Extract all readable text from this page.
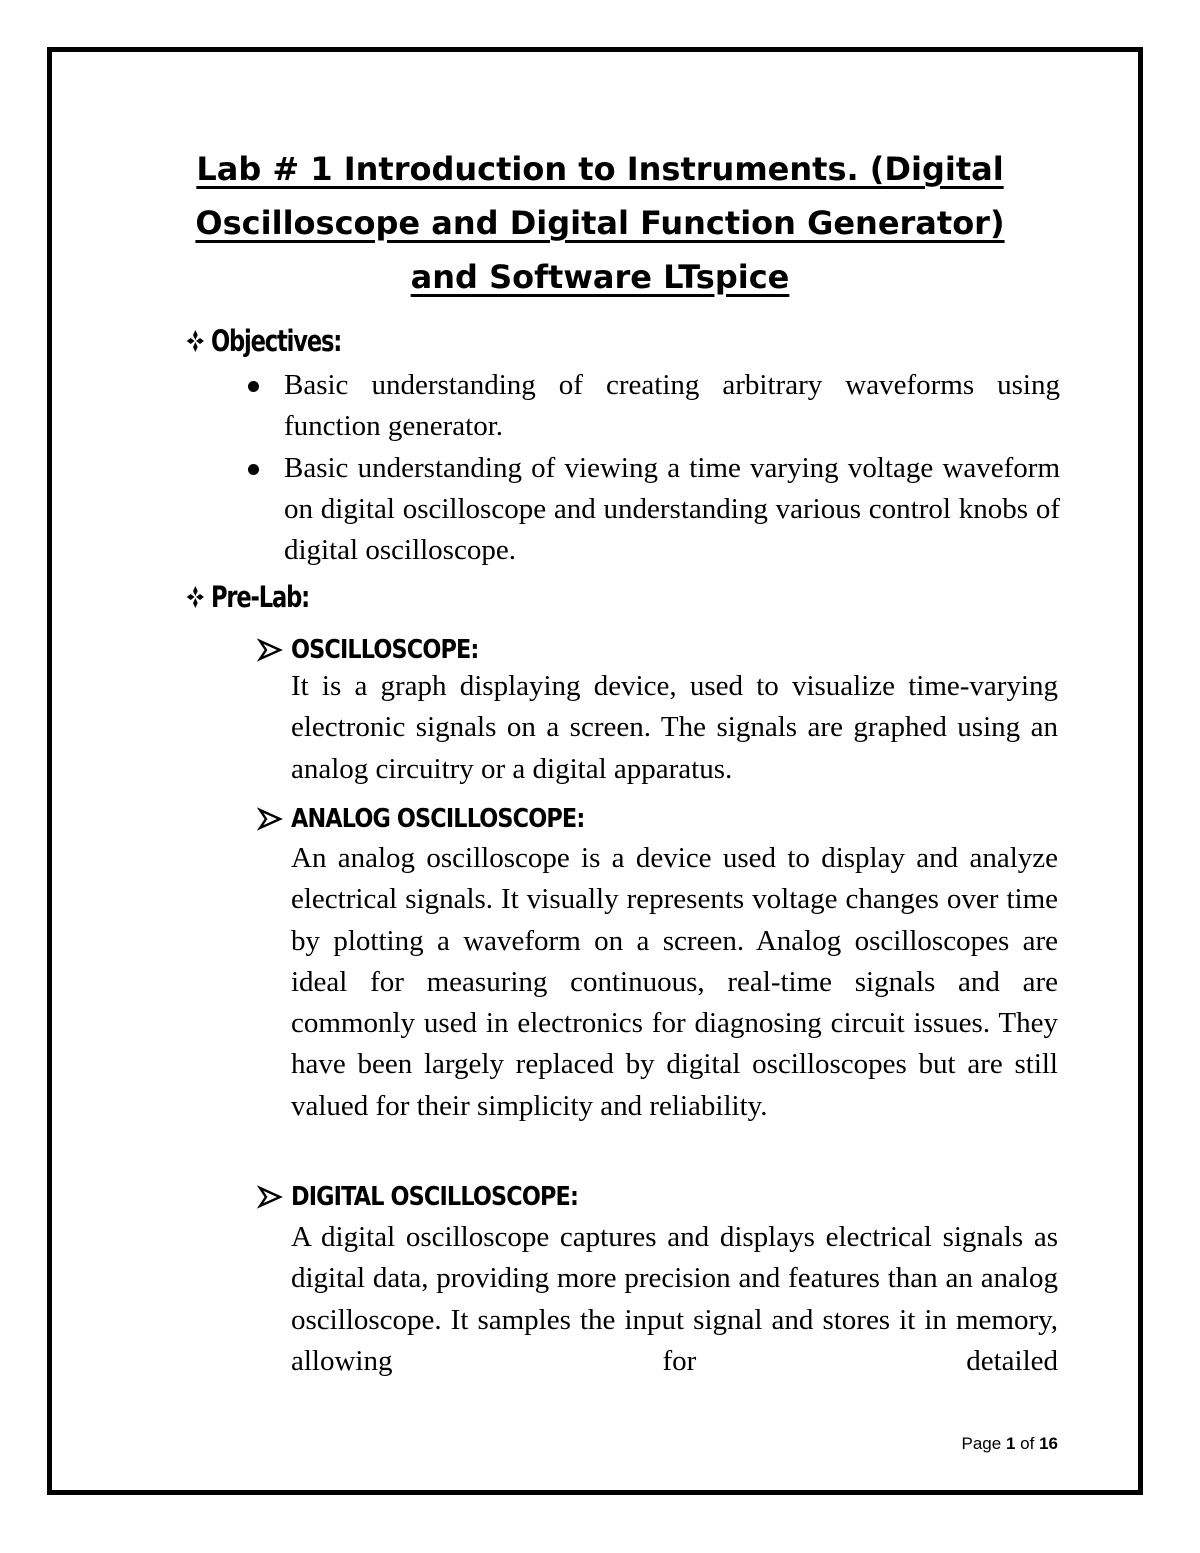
Lab # 1 Introduction to Instruments. (Digital
Oscilloscope and Digital Function Generator)
and Software LTspice
Objectives:
Basic understanding of creating arbitrary waveforms using function generator.
Basic understanding of viewing a time varying voltage waveform on digital oscilloscope and understanding various control knobs of digital oscilloscope.
Pre-Lab:
OSCILLOSCOPE:

It is a graph displaying device, used to visualize time-varying electronic signals on a screen. The signals are graphed using an analog circuitry or a digital apparatus.

ANALOG OSCILLOSCOPE:

An analog oscilloscope is a device used to display and analyze electrical signals. It visually represents voltage changes over time by plotting a waveform on a screen. Analog oscilloscopes are ideal for measuring continuous, real-time signals and are commonly used in electronics for diagnosing circuit issues. They have been largely replaced by digital oscilloscopes but are still valued for their simplicity and reliability.

DIGITAL OSCILLOSCOPE:

A digital oscilloscope captures and displays electrical signals as digital data, providing more precision and features than an analog oscilloscope. It samples the input signal and stores it in memory, allowing for detailed

Page 1 of 16
